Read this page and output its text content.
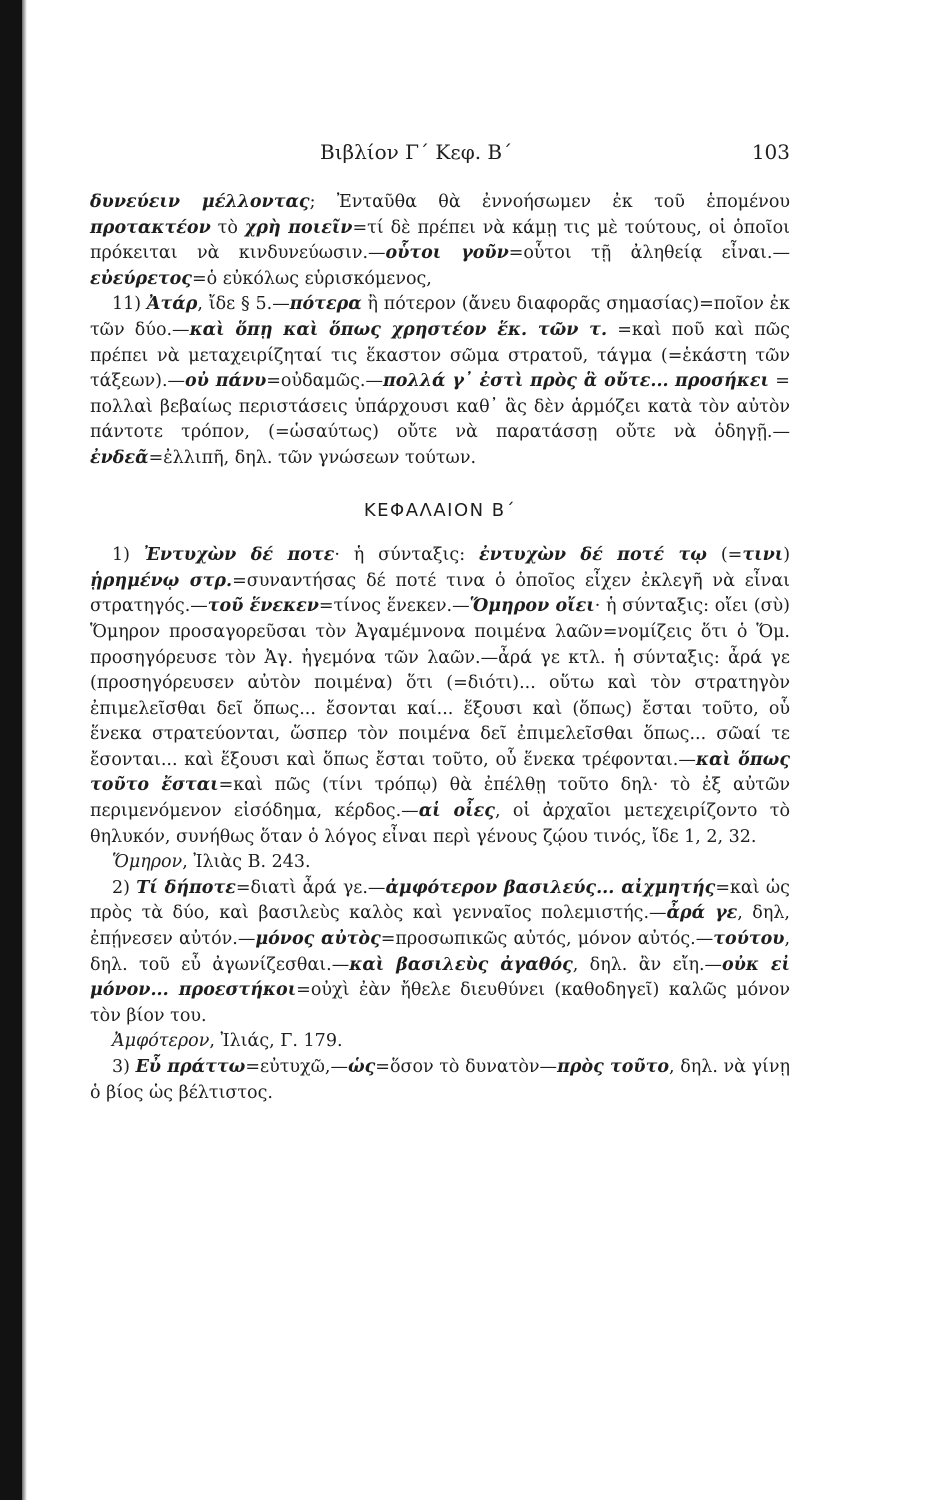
Βιβλίον Γ΄ Κεφ. Β΄	103

δυνεύειν μέλλοντας; Ἐνταῦθα θὰ ἐννοήσωμεν ἐκ τοῦ ἑπομένου προτακτέον τὸ χρὴ ποιεῖν=τί δὲ πρέπει νὰ κάμῃ τις μὲ τούτους, οἱ ὁποῖοι πρόκειται νὰ κινδυνεύωσιν.—οὗτοι γοῦν=οὗτοι τῇ ἀληθείᾳ εἶναι.—εὐεύρετος=ὁ εὐκόλως εὑρισκόμενος,

11) Ἀτάρ, ἴδε § 5.—πότερα ἢ πότερον (ἄνευ διαφορᾶς σημασίας)=ποῖον ἐκ τῶν δύο.—καὶ ὅπῃ καὶ ὅπως χρηστέον ἕκ. τῶν τ. =καὶ ποῦ καὶ πῶς πρέπει νὰ μεταχειρίζηταί τις ἕκαστον σῶμα στρατοῦ, τάγμα (=ἑκάστη τῶν τάξεων).—οὐ πάνυ=οὐδαμῶς.—πολλά γ᾿ ἐστὶ πρὸς ἃ οὔτε... προσήκει = πολλαὶ βεβαίως περιστάσεις ὑπάρχουσι καθ᾿ ἃς δὲν ἁρμόζει κατὰ τὸν αὐτὸν πάντοτε τρόπον, (=ὡσαύτως) οὔτε νὰ παρατάσσῃ οὔτε νὰ ὁδηγῇ.—ἐνδεᾶ=ἐλλιπῆ, δηλ. τῶν γνώσεων τούτων.

ΚΕΦΑΛΑΙΟΝ Β΄

1) Ἐντυχὼν δέ ποτε· ἡ σύνταξις: ἐντυχὼν δέ ποτέ τῳ (=τινι) ᾑρημένῳ στρ.=συναντήσας δέ ποτέ τινα ὁ ὁποῖος εἶχεν ἐκλεγῆ νὰ εἶναι στρατηγός.—τοῦ ἕνεκεν=τίνος ἕνεκεν.—Ὅμηρον οἴει· ἡ σύνταξις: οἴει (σὺ) Ὅμηρον προσαγορεῦσαι τὸν Ἀγαμέμνονα ποιμένα λαῶν=νομίζεις ὅτι ὁ Ὅμ. προσηγόρευσε τὸν Ἀγ. ἡγεμόνα τῶν λαῶν.—ἆρά γε κτλ. ἡ σύνταξις: ἆρά γε (προσηγόρευσεν αὐτὸν ποιμένα) ὅτι (=διότι)... οὕτω καὶ τὸν στρατηγὸν ἐπιμελεῖσθαι δεῖ ὅπως... ἔσονται καί... ἕξουσι καὶ (ὅπως) ἔσται τοῦτο, οὗ ἕνεκα στρατεύονται, ὥσπερ τὸν ποιμένα δεῖ ἐπιμελεῖσθαι ὅπως... σῶαί τε ἔσονται... καὶ ἕξουσι καὶ ὅπως ἔσται τοῦτο, οὗ ἕνεκα τρέφονται.—καὶ ὅπως τοῦτο ἔσται=καὶ πῶς (τίνι τρόπῳ) θὰ ἐπέλθῃ τοῦτο δηλ· τὸ ἐξ αὐτῶν περιμενόμενον εἰσόδημα, κέρδος.—αἱ οἶες, οἱ ἀρχαῖοι μετεχειρίζοντο τὸ θηλυκόν, συνήθως ὅταν ὁ λόγος εἶναι περὶ γένους ζῴου τινός, ἴδε 1, 2, 32.

Ὅμηρον, Ἰλιὰς Β. 243.

2) Τί δήποτε=διατὶ ἆρά γε.—ἀμφότερον βασιλεύς... αἰχμητής=καὶ ὡς πρὸς τὰ δύο, καὶ βασιλεὺς καλὸς καὶ γενναῖος πολεμιστής.—ἆρά γε, δηλ, ἐπῄνεσεν αὐτόν.—μόνος αὐτὸς=προσωπικῶς αὐτός, μόνον αὐτός.—τούτου, δηλ. τοῦ εὖ ἀγωνίζεσθαι.—καὶ βασιλεὺς ἀγαθός, δηλ. ἂν εἴη.—οὐκ εἰ μόνον... προεστήκοι=οὐχὶ ἐὰν ἤθελε διευθύνει (καθοδηγεῖ) καλῶς μόνον τὸν βίον του.

Ἀμφότερον, Ἰλιάς, Γ. 179.

3) Εὖ πράττω=εὐτυχῶ,—ὡς=ὅσον τὸ δυνατὸν—πρὸς τοῦτο, δηλ. νὰ γίνῃ ὁ βίος ὡς βέλτιστος.
